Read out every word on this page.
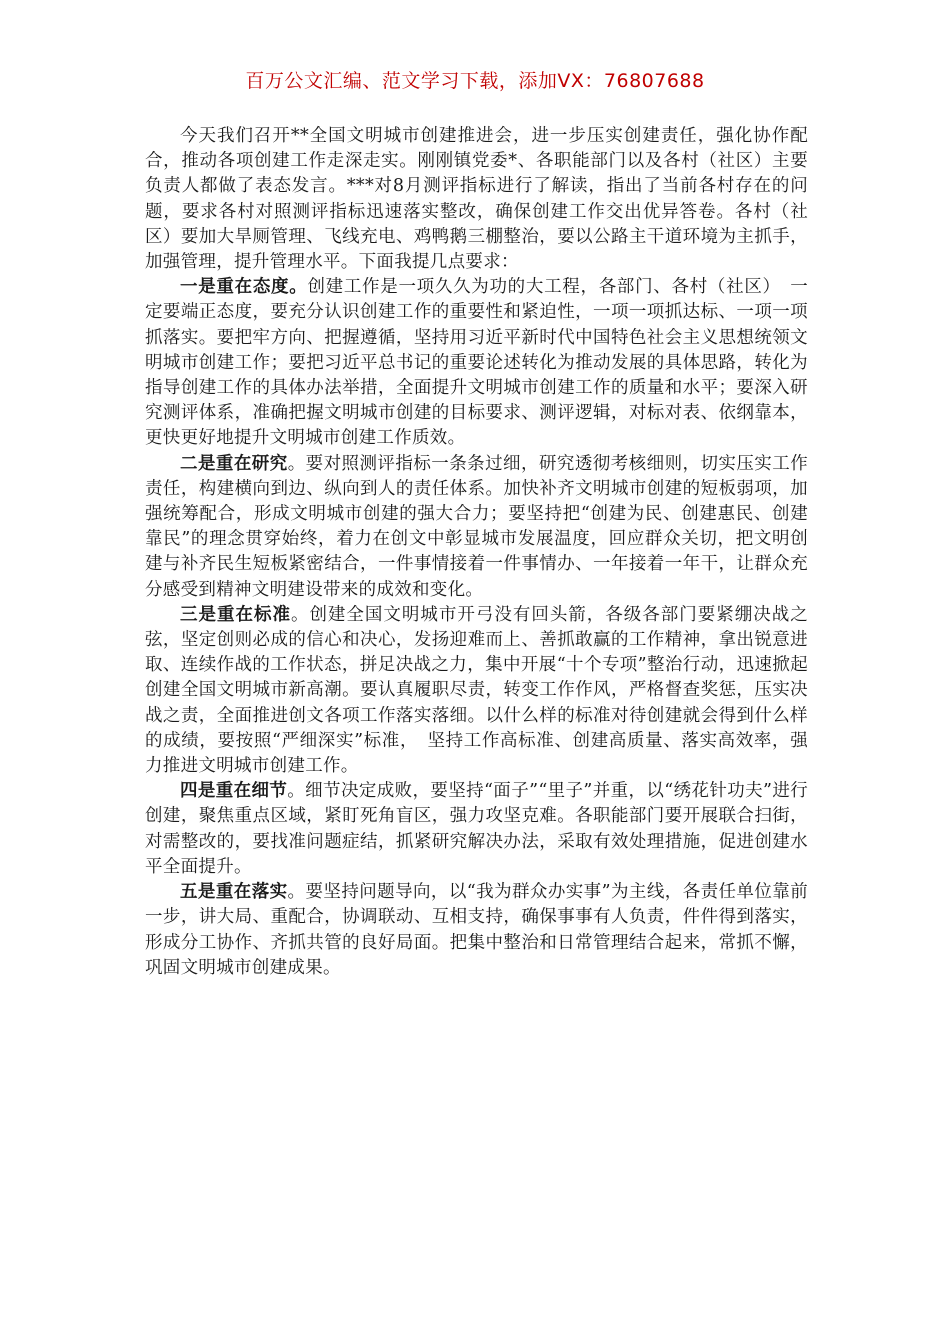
百万公文汇编、范文学习下载，添加VX：76807688

今天我们召开**全国文明城市创建推进会，进一步压实创建责任，强化协作配合，推动各项创建工作走深走实。刚刚镇党委*、各职能部门以及各村（社区）主要负责人都做了表态发言。***对8月测评指标进行了解读，指出了当前各村存在的问题，要求各村对照测评指标迅速落实整改，确保创建工作交出优异答卷。各村（社区）要加大旱厕管理、飞线充电、鸡鸭鹅三棚整治，要以公路主干道环境为主抓手，加强管理，提升管理水平。下面我提几点要求：

一是重在态度。创建工作是一项久久为功的大工程，各部门、各村（社区）　一定要端正态度，要充分认识创建工作的重要性和紧迫性，一项一项抓达标、一项一项抓落实。要把牢方向、把握遵循，坚持用习近平新时代中国特色社会主义思想统领文明城市创建工作；要把习近平总书记的重要论述转化为推动发展的具体思路，转化为指导创建工作的具体办法举措，全面提升文明城市创建工作的质量和水平；要深入研究测评体系，准确把握文明城市创建的目标要求、测评逻辑，对标对表、依纲靠本，更快更好地提升文明城市创建工作质效。

二是重在研究。要对照测评指标一条条过细，研究透彻考核细则，切实压实工作责任，构建横向到边、纵向到人的责任体系。加快补齐文明城市创建的短板弱项，加强统筹配合，形成文明城市创建的强大合力；要坚持把“创建为民、创建惠民、创建靠民”的理念贯穿始终，着力在创文中彰显城市发展温度，回应群众关切，把文明创建与补齐民生短板紧密结合，一件事情接着一件事情办、一年接着一年干，让群众充分感受到精神文明建设带来的成效和变化。

三是重在标准。创建全国文明城市开弓没有回头箭，各级各部门要紧绷决战之弦，坚定创则必成的信心和决心，发扬迎难而上、善抓敢赢的工作精神，拿出锐意进取、连续作战的工作状态，拼足决战之力，集中开展“十个专项”整治行动，迅速掀起创建全国文明城市新高潮。要认真履职尽责，转变工作作风，严格督查奖惩，压实决战之责，全面推进创文各项工作落实落细。以什么样的标准对待创建就会得到什么样的成绩，要按照“严细深实”标准，　坚持工作高标准、创建高质量、落实高效率，强力推进文明城市创建工作。

四是重在细节。细节决定成败，要坚持“面子”“里子”并重，以“绣花针功夫”进行创建，聚焦重点区域，紧盯死角盲区，强力攻坚克难。各职能部门要开展联合扫街，对需整改的，要找准问题症结，抓紧研究解决办法，采取有效处理措施，促进创建水平全面提升。

五是重在落实。要坚持问题导向，以“我为群众办实事”为主线，各责任单位靠前一步，讲大局、重配合，协调联动、互相支持，确保事事有人负责，件件得到落实，形成分工协作、齐抓共管的良好局面。把集中整治和日常管理结合起来，常抓不懈，巩固文明城市创建成果。
